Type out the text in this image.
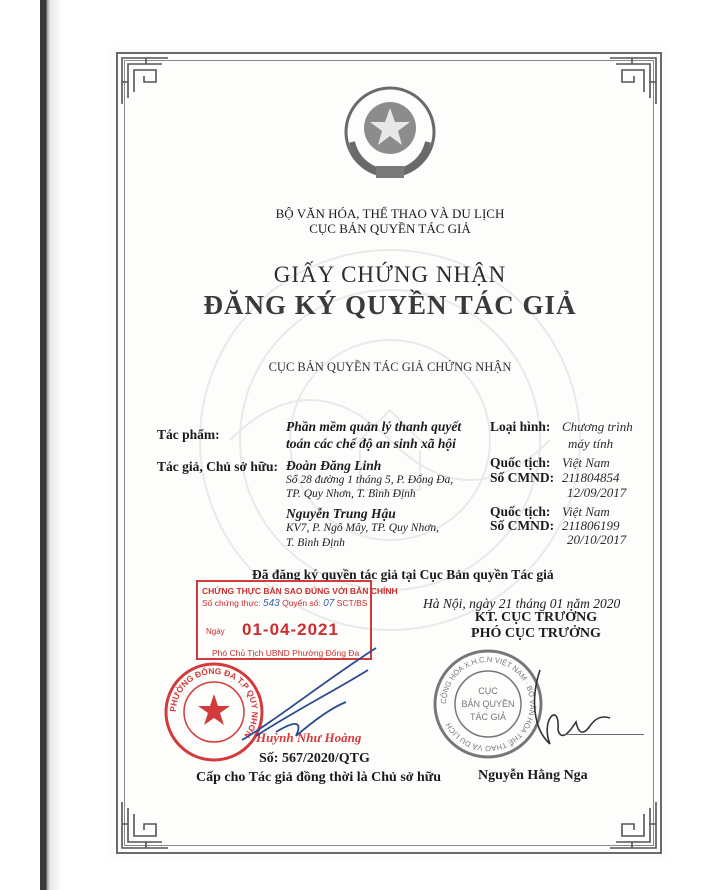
BỘ VĂN HÓA, THỂ THAO VÀ DU LỊCH
CỤC BẢN QUYỀN TÁC GIẢ
GIẤY CHỨNG NHẬN
ĐĂNG KÝ QUYỀN TÁC GIẢ
CỤC BẢN QUYỀN TÁC GIẢ CHỨNG NHẬN
Tác phẩm:
Phần mềm quản lý thanh quyết
toán các chế độ an sinh xã hội
Loại hình: Chương trình
máy tính
Tác giả, Chủ sở hữu: Đoàn Đăng Linh
Số 28 đường 1 tháng 5, P. Đống Đa,
TP. Quy Nhơn, T. Bình Định
Quốc tịch: Việt Nam
Số CMND: 211804854
12/09/2017
Nguyễn Trung Hậu
KV7, P. Ngô Mây, TP. Quy Nhơn,
T. Bình Định
Quốc tịch: Việt Nam
Số CMND: 211806199
20/10/2017
Đã đăng ký quyền tác giả tại Cục Bản quyền Tác giả
Hà Nội, ngày 21 tháng 01 năm 2020
KT. CỤC TRƯỞNG
PHÓ CỤC TRƯỞNG
CHỨNG THỰC BẢN SAO ĐÚNG VỚI BẢN CHÍNH
Số chứng thực: 543 Quyển số: 07 SCT/BS
Ngày 01-04-2021
Phó Chủ Tịch UBND Phường Đống Đa
PHƯỜNG ĐỐNG ĐA T.P QUY NHƠN Huỳnh Như Hoàng
Số: 567/2020/QTG
Cấp cho Tác giả đồng thời là Chủ sở hữu
CỘNG HÒA X.H.C.N VIỆT NAM · BỘ VĂN HÓA THỂ THAO VÀ DU LỊCH
CỤC
BẢN QUYỀN
TÁC GIẢ
Nguyễn Hằng Nga
